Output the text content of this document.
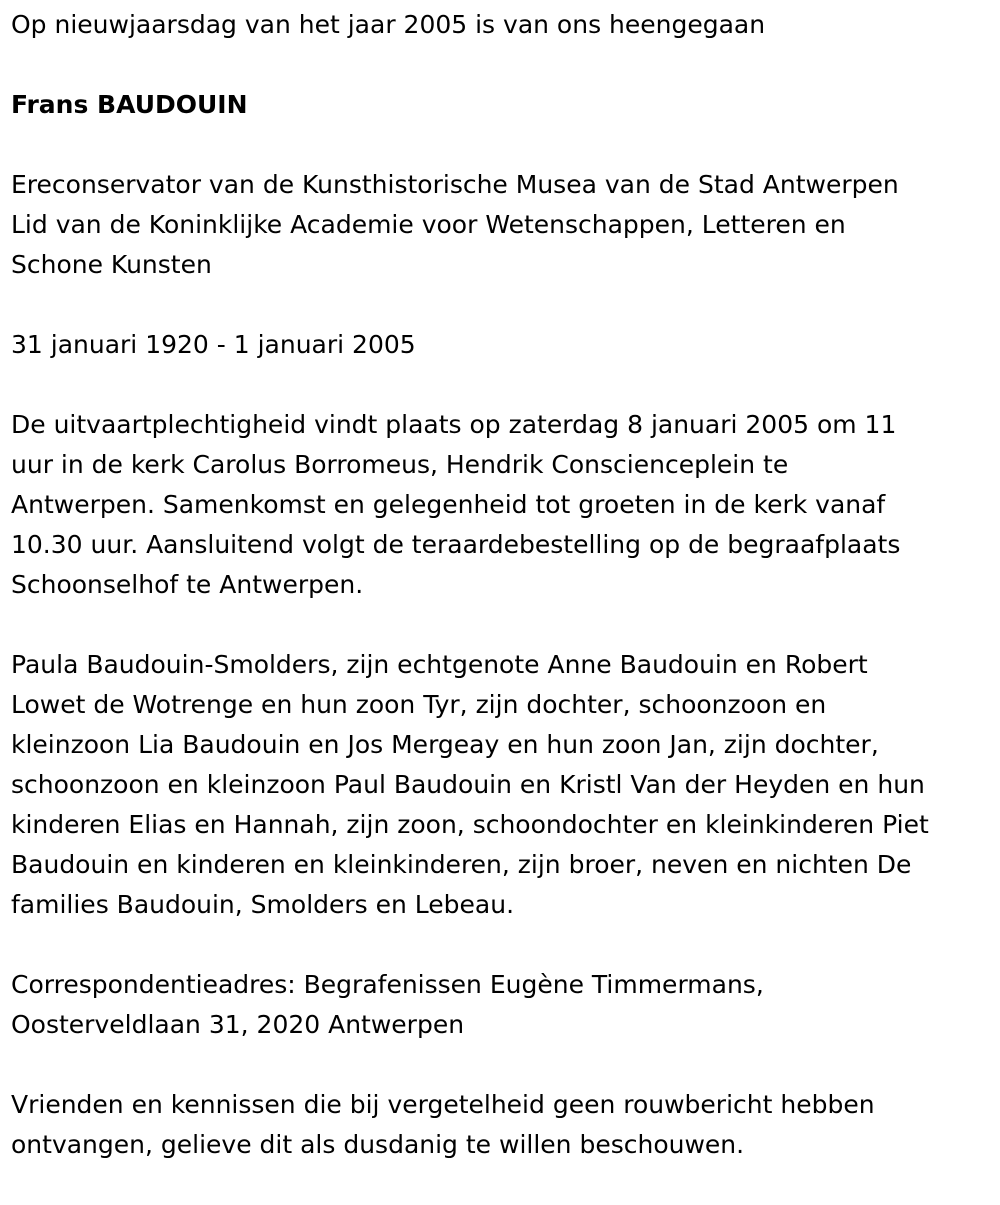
Op nieuwjaarsdag van het jaar 2005 is van ons heengegaan
Frans BAUDOUIN
Ereconservator van de Kunsthistorische Musea van de Stad Antwerpen
Lid van de Koninklijke Academie voor Wetenschappen, Letteren en
Schone Kunsten
31 januari 1920 - 1 januari 2005
De uitvaartplechtigheid vindt plaats op zaterdag 8 januari 2005 om 11
uur in de kerk Carolus Borromeus, Hendrik Conscienceplein te
Antwerpen. Samenkomst en gelegenheid tot groeten in de kerk vanaf
10.30 uur. Aansluitend volgt de teraardebestelling op de begraafplaats
Schoonselhof te Antwerpen.
Paula Baudouin-Smolders, zijn echtgenote Anne Baudouin en Robert
Lowet de Wotrenge en hun zoon Tyr, zijn dochter, schoonzoon en
kleinzoon Lia Baudouin en Jos Mergeay en hun zoon Jan, zijn dochter,
schoonzoon en kleinzoon Paul Baudouin en Kristl Van der Heyden en hun
kinderen Elias en Hannah, zijn zoon, schoondochter en kleinkinderen Piet
Baudouin en kinderen en kleinkinderen, zijn broer, neven en nichten De
families Baudouin, Smolders en Lebeau.
Correspondentieadres: Begrafenissen Eugène Timmermans,
Oosterveldlaan 31, 2020 Antwerpen
Vrienden en kennissen die bij vergetelheid geen rouwbericht hebben
ontvangen, gelieve dit als dusdanig te willen beschouwen.
